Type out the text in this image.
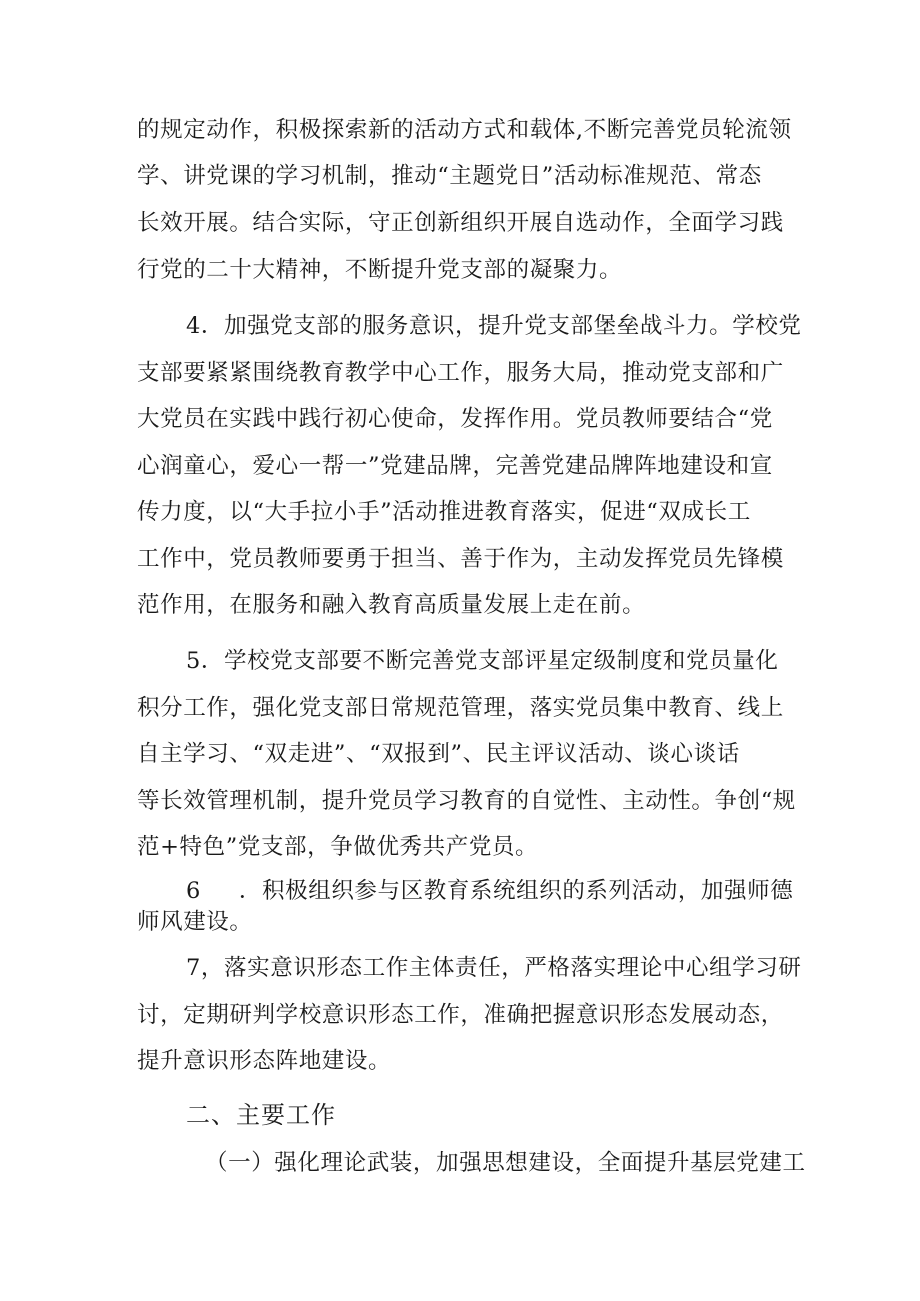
的规定动作，积极探索新的活动方式和载体,不断完善党员轮流领
学、讲党课的学习机制，推动“主题党日”活动标准规范、常态
长效开展。结合实际，守正创新组织开展自选动作，全面学习践
行党的二十大精神，不断提升党支部的凝聚力。
4．加强党支部的服务意识，提升党支部堡垒战斗力。学校党
支部要紧紧围绕教育教学中心工作，服务大局，推动党支部和广
大党员在实践中践行初心使命，发挥作用。党员教师要结合“党
心润童心，爱心一帮一”党建品牌，完善党建品牌阵地建设和宣
传力度，以“大手拉小手”活动推进教育落实，促进“双成长工
工作中，党员教师要勇于担当、善于作为，主动发挥党员先锋模
范作用，在服务和融入教育高质量发展上走在前。
5．学校党支部要不断完善党支部评星定级制度和党员量化
积分工作，强化党支部日常规范管理，落实党员集中教育、线上
自主学习、“双走进”、“双报到”、民主评议活动、谈心谈话
等长效管理机制，提升党员学习教育的自觉性、主动性。争创“规
范+特色”党支部，争做优秀共产党员。
6 ．积极组织参与区教育系统组织的系列活动，加强师德
师风建设。
7，落实意识形态工作主体责任，严格落实理论中心组学习研
讨，定期研判学校意识形态工作，准确把握意识形态发展动态，
提升意识形态阵地建设。
二、主要工作
（一）强化理论武装，加强思想建设，全面提升基层党建工
